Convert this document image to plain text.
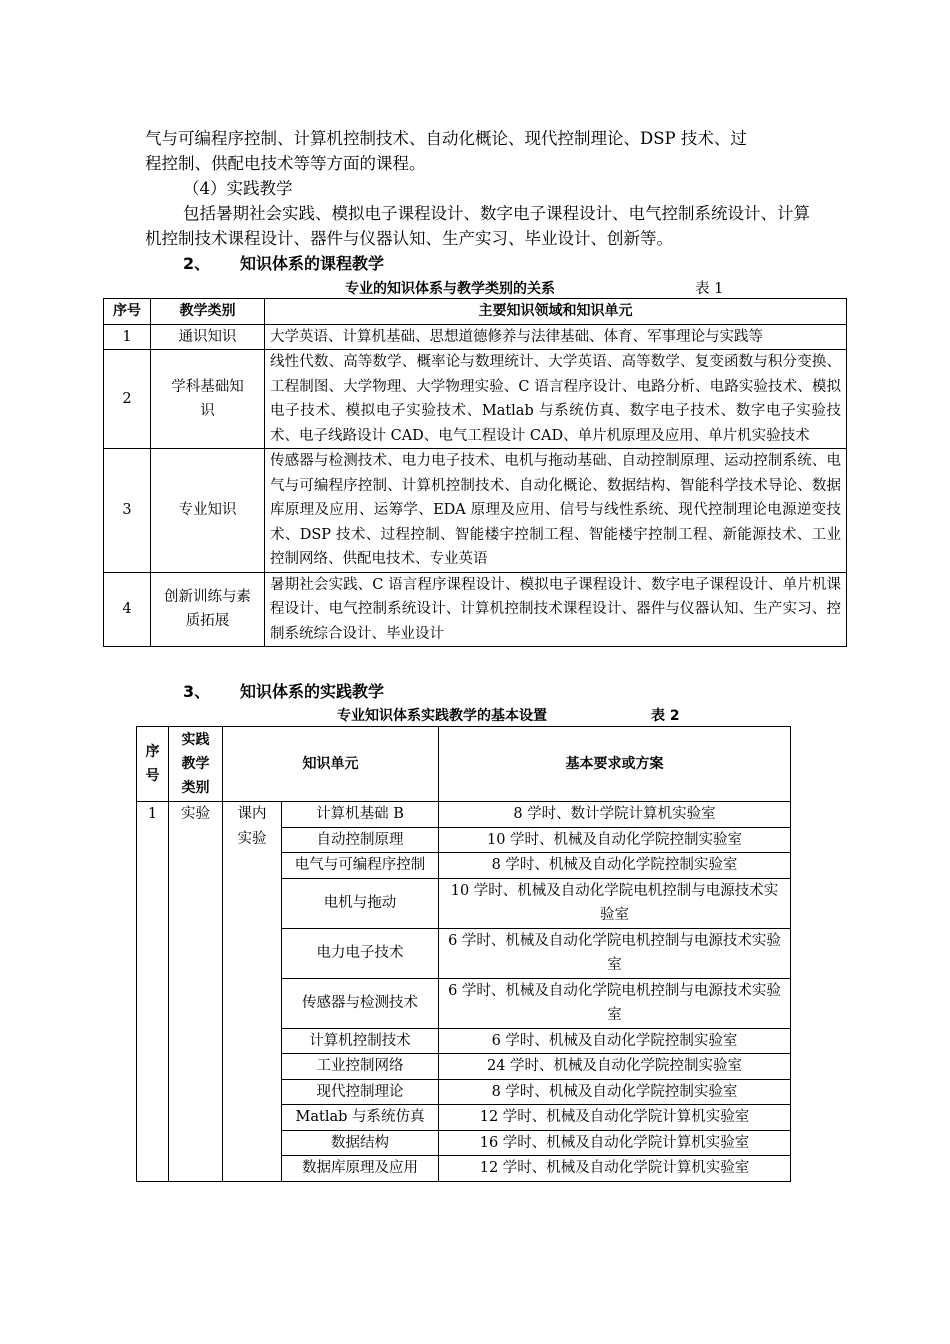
气与可编程序控制、计算机控制技术、自动化概论、现代控制理论、DSP 技术、过
程控制、供配电技术等等方面的课程。
（4）实践教学
包括暑期社会实践、模拟电子课程设计、数字电子课程设计、电气控制系统设计、计算机控制技术课程设计、器件与仪器认知、生产实习、毕业设计、创新等。
2、 知识体系的课程教学
专业的知识体系与教学类别的关系	表 1
序号	教学类别	主要知识领域和知识单元
1	通识知识	大学英语、计算机基础、思想道德修养与法律基础、体育、军事理论与实践等
2	学科基础知识	线性代数、高等数学、概率论与数理统计、大学英语、高等数学、复变函数与积分变换、工程制图、大学物理、大学物理实验、C 语言程序设计、电路分析、电路实验技术、模拟电子技术、模拟电子实验技术、Matlab 与系统仿真、数字电子技术、数字电子实验技术、电子线路设计 CAD、电气工程设计 CAD、单片机原理及应用、单片机实验技术
3	专业知识	传感器与检测技术、电力电子技术、电机与拖动基础、自动控制原理、运动控制系统、电气与可编程序控制、计算机控制技术、自动化概论、数据结构、智能科学技术导论、数据库原理及应用、运筹学、EDA 原理及应用、信号与线性系统、现代控制理论电源逆变技术、DSP 技术、过程控制、智能楼宇控制工程、智能楼宇控制工程、新能源技术、工业控制网络、供配电技术、专业英语
4	创新训练与素质拓展	暑期社会实践、C 语言程序课程设计、模拟电子课程设计、数字电子课程设计、单片机课程设计、电气控制系统设计、计算机控制技术课程设计、器件与仪器认知、生产实习、控制系统综合设计、毕业设计
3、 知识体系的实践教学
专业知识体系实践教学的基本设置	表 2
序号	实践教学类别	知识单元		基本要求或方案
1	实验	课内实验	计算机基础 B	8 学时、数计学院计算机实验室
			自动控制原理	10 学时、机械及自动化学院控制实验室
			电气与可编程序控制	8 学时、机械及自动化学院控制实验室
			电机与拖动	10 学时、机械及自动化学院电机控制与电源技术实验室
			电力电子技术	6 学时、机械及自动化学院电机控制与电源技术实验室
			传感器与检测技术	6 学时、机械及自动化学院电机控制与电源技术实验室
			计算机控制技术	6 学时、机械及自动化学院控制实验室
			工业控制网络	24 学时、机械及自动化学院控制实验室
			现代控制理论	8 学时、机械及自动化学院控制实验室
			Matlab 与系统仿真	12 学时、机械及自动化学院计算机实验室
			数据结构	16 学时、机械及自动化学院计算机实验室
			数据库原理及应用	12 学时、机械及自动化学院计算机实验室
